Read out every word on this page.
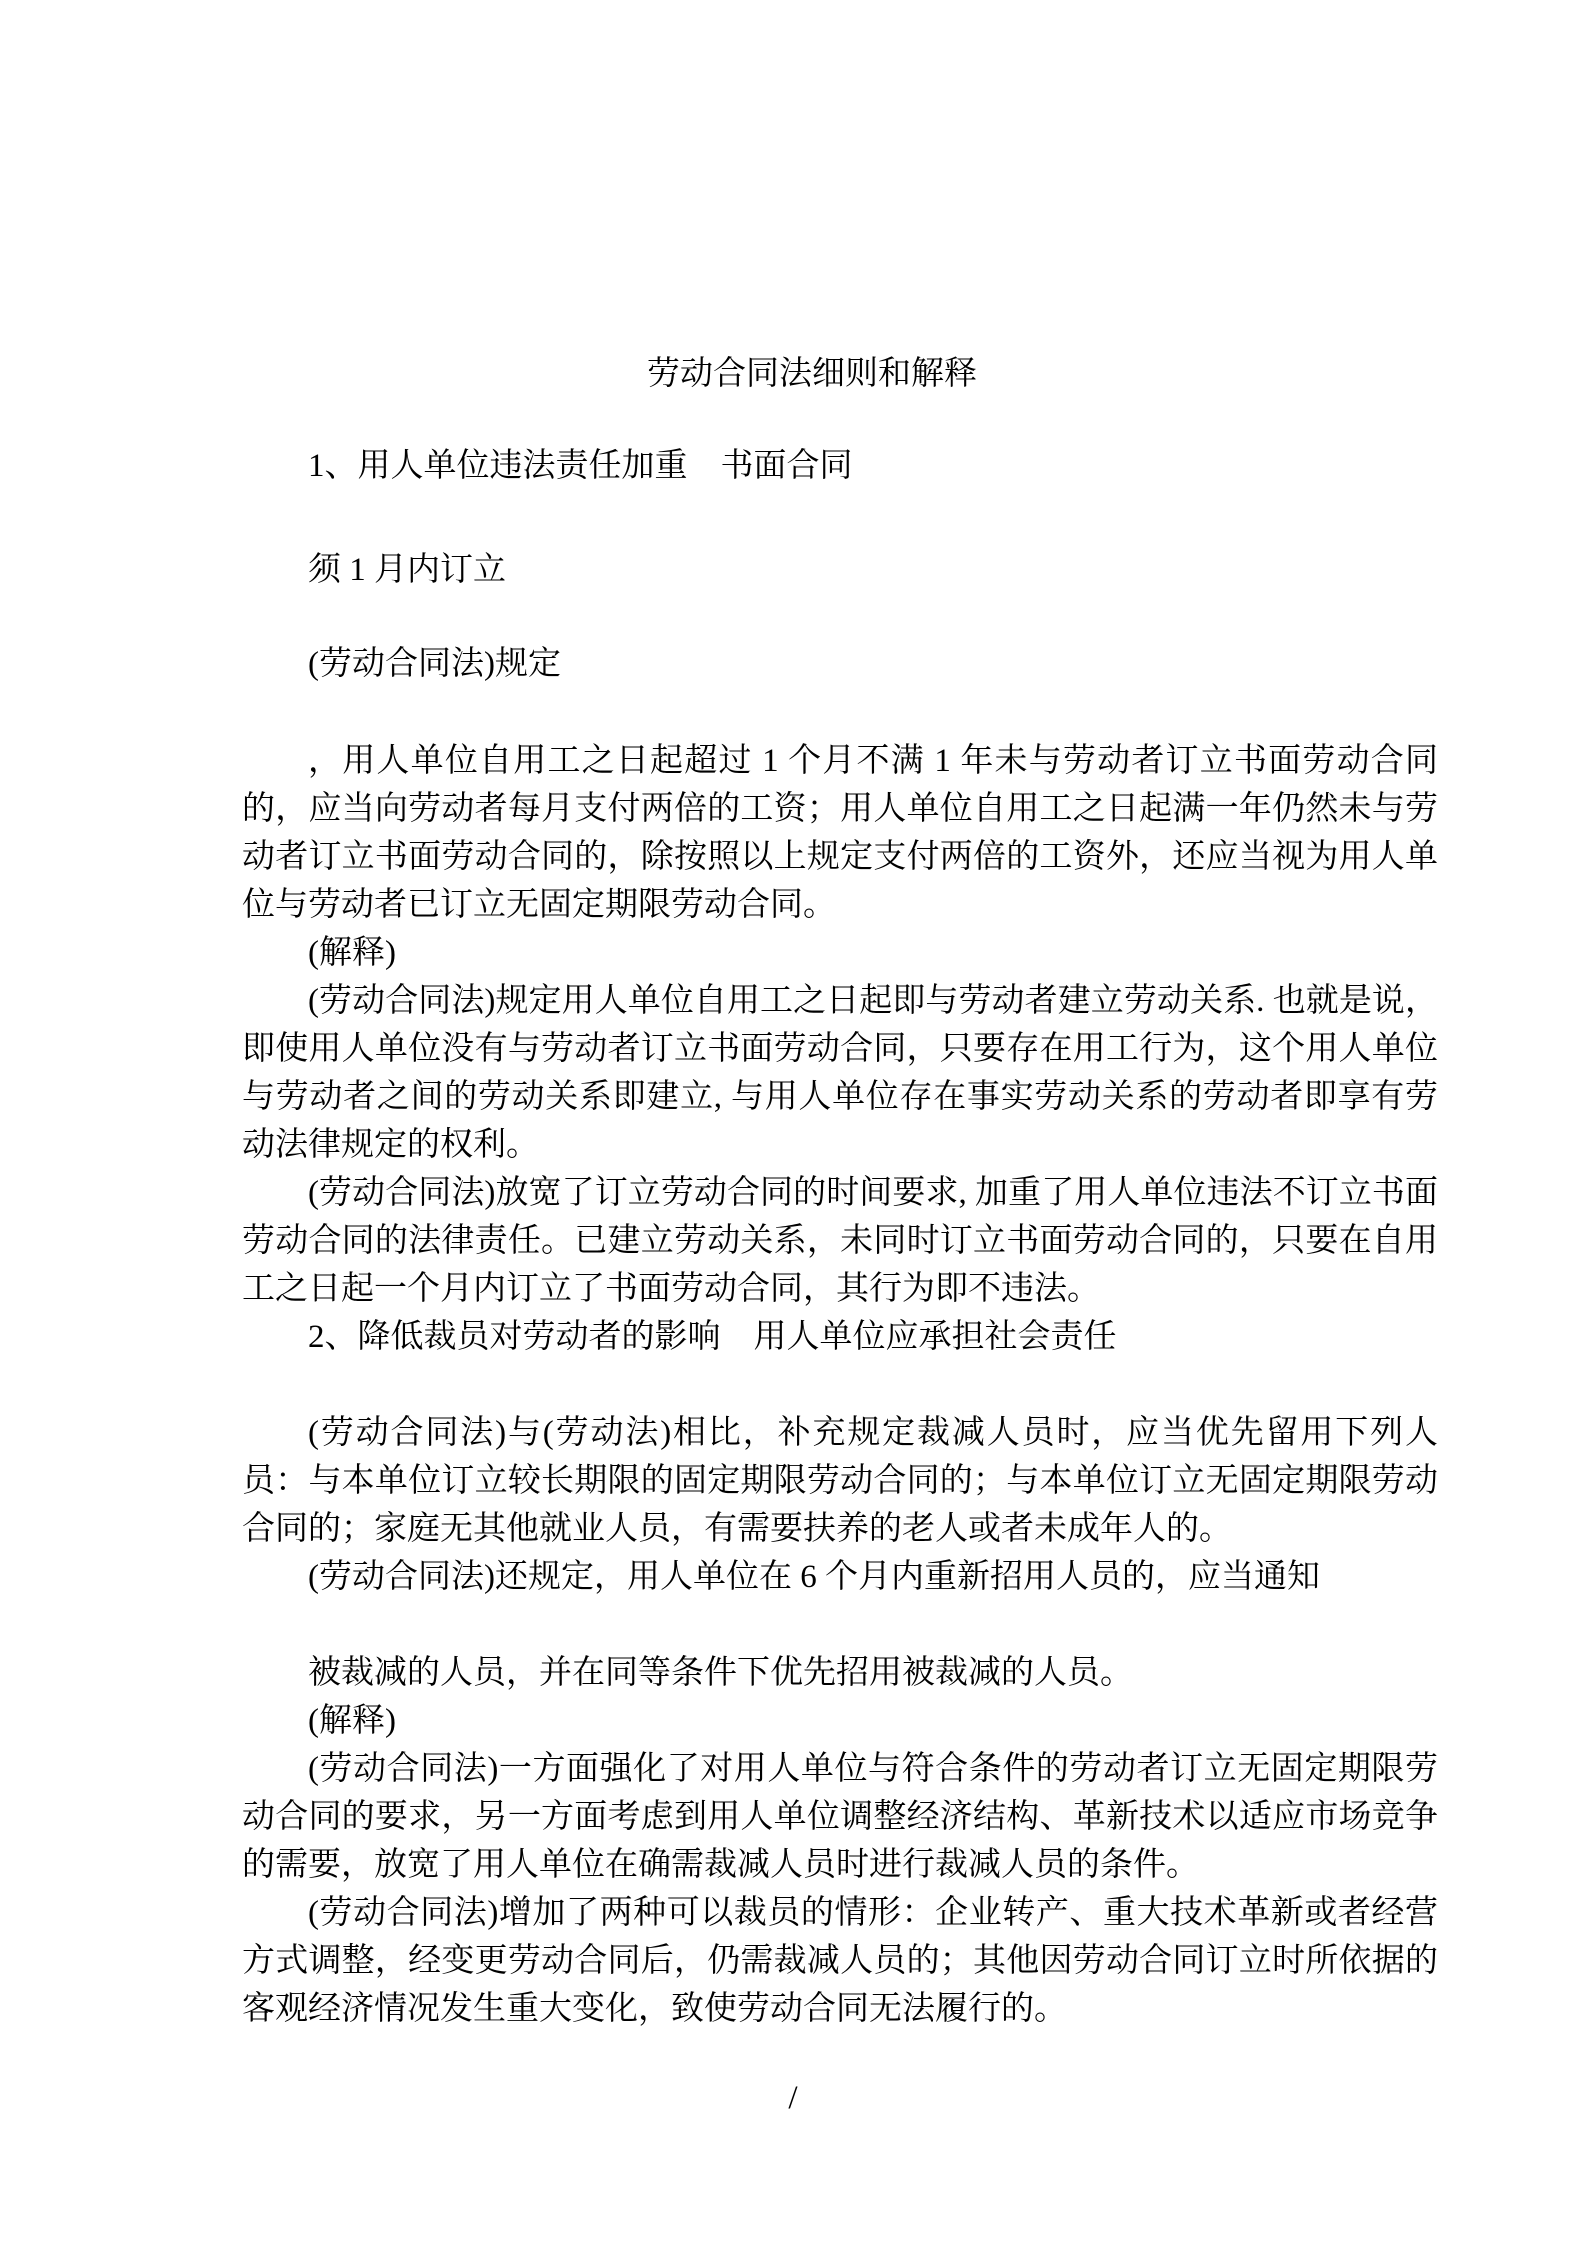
劳动合同法细则和解释

1、用人单位违法责任加重　书面合同

须 1 月内订立

(劳动合同法)规定

，用人单位自用工之日起超过 1 个月不满 1 年未与劳动者订立书面劳动合同的，应当向劳动者每月支付两倍的工资；用人单位自用工之日起满一年仍然未与劳动者订立书面劳动合同的，除按照以上规定支付两倍的工资外，还应当视为用人单位与劳动者已订立无固定期限劳动合同。

(解释)

(劳动合同法)规定用人单位自用工之日起即与劳动者建立劳动关系. 也就是说，即使用人单位没有与劳动者订立书面劳动合同，只要存在用工行为，这个用人单位与劳动者之间的劳动关系即建立, 与用人单位存在事实劳动关系的劳动者即享有劳动法律规定的权利。

(劳动合同法)放宽了订立劳动合同的时间要求, 加重了用人单位违法不订立书面劳动合同的法律责任。已建立劳动关系，未同时订立书面劳动合同的，只要在自用工之日起一个月内订立了书面劳动合同，其行为即不违法。

2、降低裁员对劳动者的影响　用人单位应承担社会责任

(劳动合同法)与(劳动法)相比，补充规定裁减人员时，应当优先留用下列人员：与本单位订立较长期限的固定期限劳动合同的；与本单位订立无固定期限劳动合同的；家庭无其他就业人员，有需要扶养的老人或者未成年人的。

(劳动合同法)还规定，用人单位在 6 个月内重新招用人员的，应当通知

被裁减的人员，并在同等条件下优先招用被裁减的人员。

(解释)

(劳动合同法)一方面强化了对用人单位与符合条件的劳动者订立无固定期限劳动合同的要求，另一方面考虑到用人单位调整经济结构、革新技术以适应市场竞争的需要，放宽了用人单位在确需裁减人员时进行裁减人员的条件。

(劳动合同法)增加了两种可以裁员的情形：企业转产、重大技术革新或者经营方式调整，经变更劳动合同后，仍需裁减人员的；其他因劳动合同订立时所依据的客观经济情况发生重大变化，致使劳动合同无法履行的。

/
